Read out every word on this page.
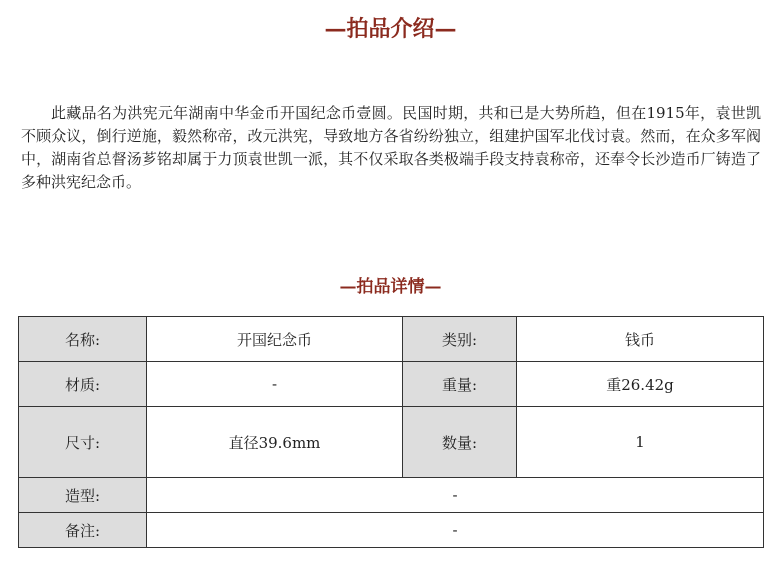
—拍品介绍—

此藏品名为洪宪元年湖南中华金币开国纪念币壹圆。民国时期，共和已是大势所趋，但在1915年，袁世凯不顾众议，倒行逆施，毅然称帝，改元洪宪，导致地方各省纷纷独立，组建护国军北伐讨袁。然而，在众多军阀中，湖南省总督汤芗铭却属于力顶袁世凯一派，其不仅采取各类极端手段支持袁称帝，还奉令长沙造币厂铸造了多种洪宪纪念币。

—拍品详情—
名称:	开国纪念币	类别:	钱币
材质:	-	重量:	重26.42g
尺寸:	直径39.6mm	数量:	1
造型:	-		
备注:	-		
